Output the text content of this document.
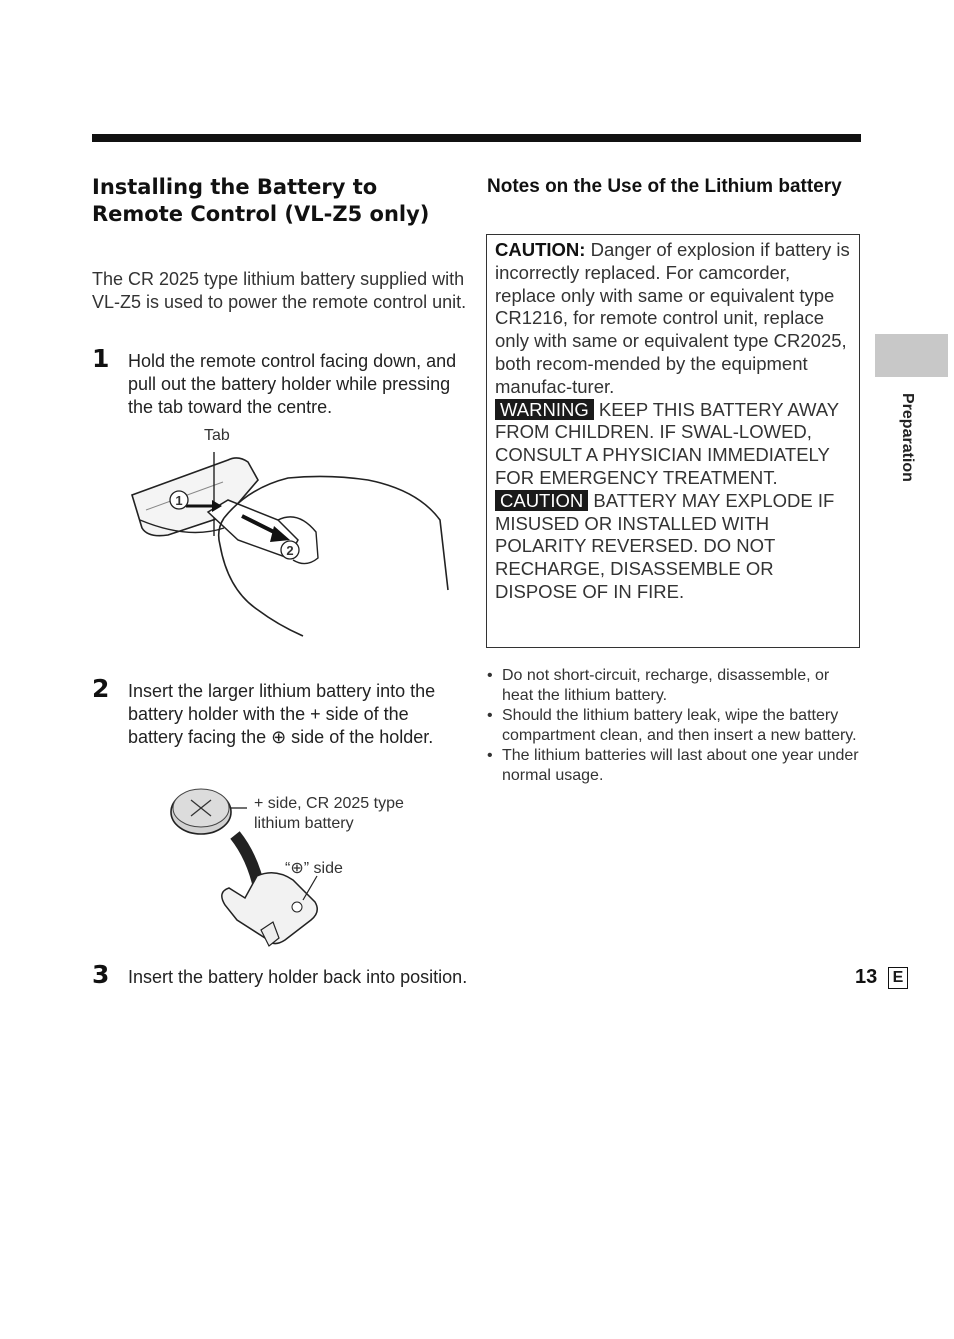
Installing the Battery to Remote Control (VL-Z5 only)

The CR 2025 type lithium battery supplied with VL-Z5 is used to power the remote control unit.

1 Hold the remote control facing down, and pull out the battery holder while pressing the tab toward the centre.

Tab
1
2
2 Insert the larger lithium battery into the battery holder with the + side of the battery facing the ⊕ side of the holder.

+ side, CR 2025 type
lithium battery
“⊕” side
3 Insert the battery holder back into position.

Notes on the Use of the Lithium battery

CAUTION: Danger of explosion if battery is incorrectly replaced. For camcorder, replace only with same or equivalent type CR1216, for remote control unit, replace only with same or equivalent type CR2025, both recom-mended by the equipment manufac-turer.

WARNING KEEP THIS BATTERY AWAY FROM CHILDREN. IF SWAL-LOWED, CONSULT A PHYSICIAN IMMEDIATELY FOR EMERGENCY TREATMENT.

CAUTION BATTERY MAY EXPLODE IF MISUSED OR INSTALLED WITH POLARITY REVERSED. DO NOT RECHARGE, DISASSEMBLE OR DISPOSE OF IN FIRE.

• Do not short-circuit, recharge, disassemble, or heat the lithium battery.
• Should the lithium battery leak, wipe the battery compartment clean, and then insert a new battery.
• The lithium batteries will last about one year under normal usage.
Preparation
13 E
